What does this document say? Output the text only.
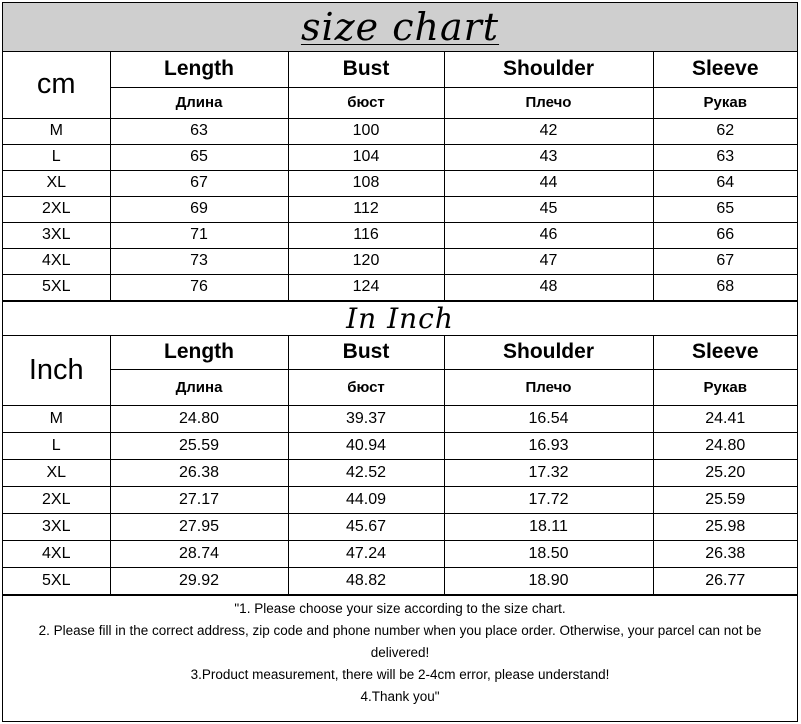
size chart
cm	Length	Bust	Shoulder	Sleeve
	Длина	бюст	Плечо	Рукав
M	63	100	42	62
L	65	104	43	63
XL	67	108	44	64
2XL	69	112	45	65
3XL	71	116	46	66
4XL	73	120	47	67
5XL	76	124	48	68
In Inch
Inch	Length	Bust	Shoulder	Sleeve
	Длина	бюст	Плечо	Рукав
M	24.80	39.37	16.54	24.41
L	25.59	40.94	16.93	24.80
XL	26.38	42.52	17.32	25.20
2XL	27.17	44.09	17.72	25.59
3XL	27.95	45.67	18.11	25.98
4XL	28.74	47.24	18.50	26.38
5XL	29.92	48.82	18.90	26.77
"1. Please choose your size according to the size chart.
2. Please fill in the correct address, zip code and phone number when you place order. Otherwise, your parcel can not be delivered!
3.Product measurement, there will be 2-4cm error, please understand!
4.Thank you"
